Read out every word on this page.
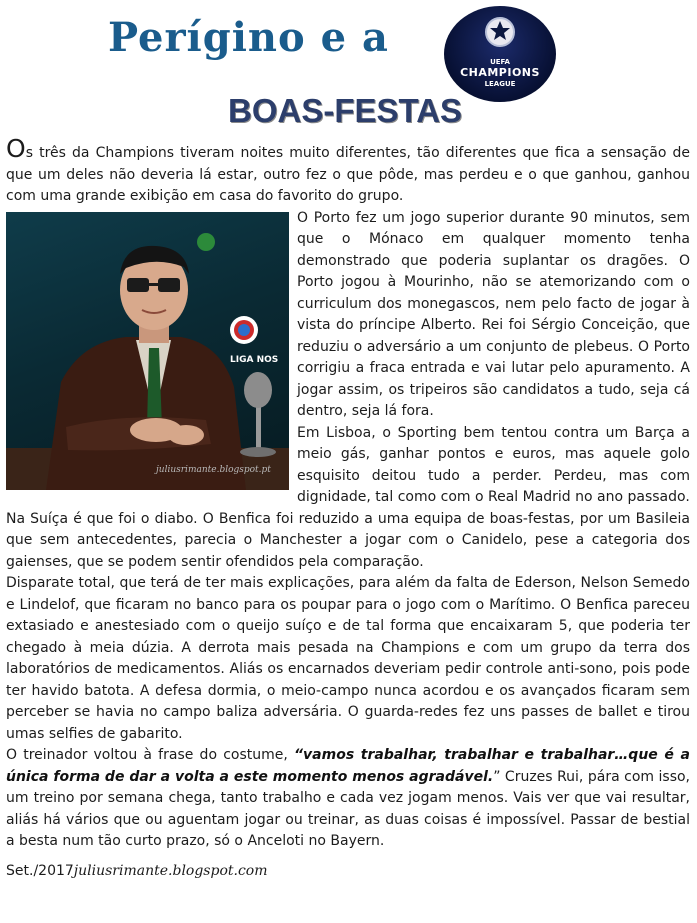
Perígino e a
UEFA
CHAMPIONS
LEAGUE
BOAS-FESTAS

Os três da Champions tiveram noites muito diferentes, tão diferentes que fica a sensação de que um deles não deveria lá estar, outro fez o que pôde, mas perdeu e o que ganhou, ganhou com uma grande exibição em casa do favorito do grupo.

LIGA NOS
juliusrimante.blogspot.pt

O Porto fez um jogo superior durante 90 minutos, sem que o Mónaco em qualquer momento tenha demonstrado que poderia suplantar os dragões. O Porto jogou à Mourinho, não se atemorizando com o curriculum dos monegascos, nem pelo facto de jogar à vista do príncipe Alberto. Rei foi Sérgio Conceição, que reduziu o adversário a um conjunto de plebeus. O Porto corrigiu a fraca entrada e vai lutar pelo apuramento. A jogar assim, os tripeiros são candidatos a tudo, seja cá dentro, seja lá fora.

Em Lisboa, o Sporting bem tentou contra um Barça a meio gás, ganhar pontos e euros, mas aquele golo esquisito deitou tudo a perder. Perdeu, mas com dignidade, tal como com o Real Madrid no ano passado.

Na Suíça é que foi o diabo. O Benfica foi reduzido a uma equipa de boas-festas, por um Basileia que sem antecedentes, parecia o Manchester a jogar com o Canidelo, pese a categoria dos gaienses, que se podem sentir ofendidos pela comparação.

Disparate total, que terá de ter mais explicações, para além da falta de Ederson, Nelson Semedo e Lindelof, que ficaram no banco para os poupar para o jogo com o Marítimo. O Benfica pareceu extasiado e anestesiado com o queijo suíço e de tal forma que encaixaram 5, que poderia ter chegado à meia dúzia. A derrota mais pesada na Champions e com um grupo da terra dos laboratórios de medicamentos. Aliás os encarnados deveriam pedir controle anti-sono, pois pode ter havido batota. A defesa dormia, o meio-campo nunca acordou e os avançados ficaram sem perceber se havia no campo baliza adversária. O guarda-redes fez uns passes de ballet e tirou umas selfies de gabarito.

O treinador voltou à frase do costume, “vamos trabalhar, trabalhar e trabalhar…que é a única forma de dar a volta a este momento menos agradável.” Cruzes Rui, pára com isso, um treino por semana chega, tanto trabalho e cada vez jogam menos. Vais ver que vai resultar, aliás há vários que ou aguentam jogar ou treinar, as duas coisas é impossível. Passar de bestial a besta num tão curto prazo, só o Anceloti no Bayern.

Set./2017juliusrimante.blogspot.com
